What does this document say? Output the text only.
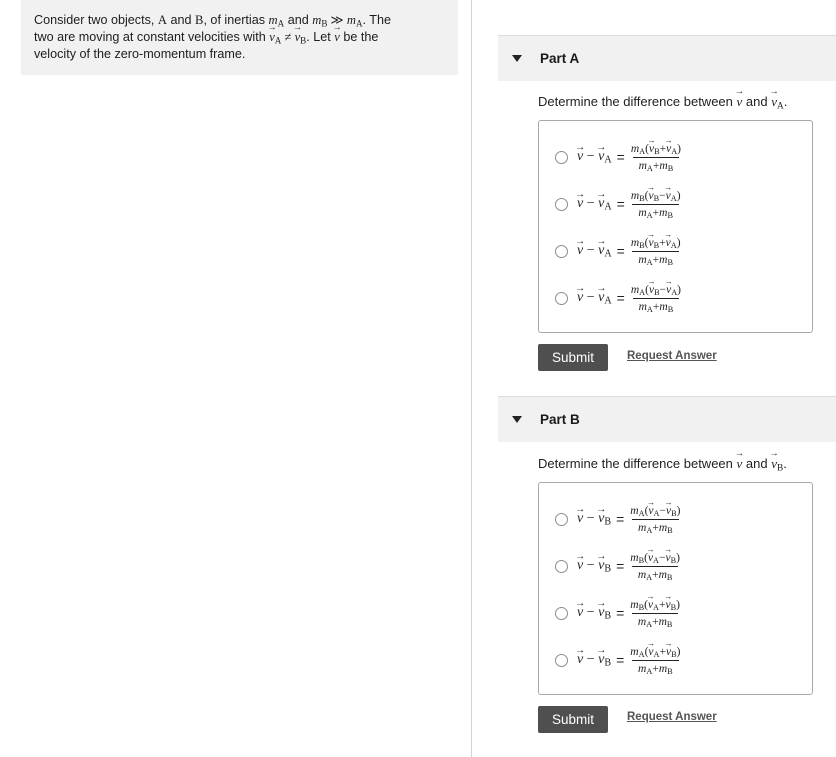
Consider two objects, A and B, of inertias $m_A$ and $m_B$ ≫ $m_A$. The
two are moving at constant velocities with → $v_A$ ≠ → $v_B$. Let → v be the
velocity of the zero-momentum frame.	Part A
Determine the difference between → v and → $v_A$.
→ v − → $v_A = \frac{m_A(\to v_B+\to v_A)}{m_A+m_B}$
→ v − → $v_A = \frac{m_B(\to v_B-\to v_A)}{m_A+m_B}$
→ v − → $v_A = \frac{m_B(\to v_B+\to v_A)}{m_A+m_B}$
→ v − → $v_A = \frac{m_A(\to v_B-\to v_A)}{m_A+m_B}$
Submit	Request Answer
Part B
Determine the difference between → v and → $v_B$.
→ v − → $v_B = \frac{m_A(\to v_A-\to v_B)}{m_A+m_B}$
→ v − → $v_B = \frac{m_B(\to v_A-\to v_B)}{m_A+m_B}$
→ v − → $v_B = \frac{m_B(\to v_A+\to v_B)}{m_A+m_B}$
→ v − → $v_B = \frac{m_A(\to v_A+\to v_B)}{m_A+m_B}$
Submit	Request Answer
